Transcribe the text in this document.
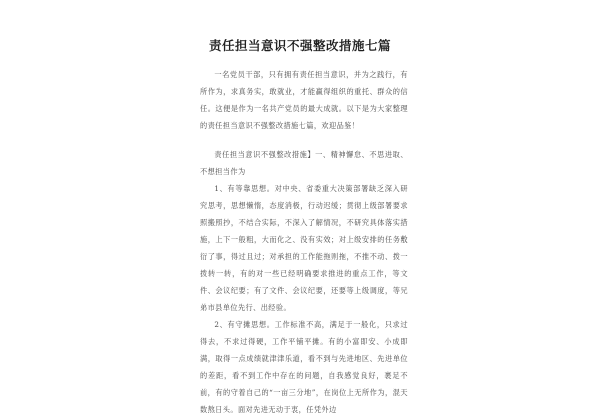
责任担当意识不强整改措施七篇

一名党员干部，只有拥有责任担当意识，并为之践行，有所作为，求真务实，敢就业，才能赢得组织的重托、群众的信任。这便是作为一名共产党员的最大成就。以下是为大家整理的责任担当意识不强整改措施七篇，欢迎品鉴！

责任担当意识不强整改措施】一、精神懈怠、不思进取、不想担当作为

1、有等靠思想。对中央、省委重大决策部署缺乏深入研究思考，思想懒惰，态度消极，行动迟缓；贯彻上级部署要求照搬照抄，不结合实际，不深入了解情况，不研究具体落实措施，上下一般粗，大而化之、没有实效；对上级安排的任务敷衍了事，得过且过；对承担的工作能拖则拖，不推不动、拨一拨转一转，有的对一些已经明确要求推进的重点工作，等文件、会议纪要；有了文件、会议纪要，还要等上级调度，等兄弟市县单位先行、出经验。

2、有守摊思想。工作标准不高，满足于一般化，只求过得去，不求过得硬，工作平铺平摊。有的小富即安、小成即满，取得一点成绩就津津乐道，看不到与先进地区、先进单位的差距，看不到工作中存在的问题，自我感觉良好，裹足不前，有的守着自己的“一亩三分地”，在岗位上无所作为，混天数熬日头。面对先进无动于衷，任凭外边
